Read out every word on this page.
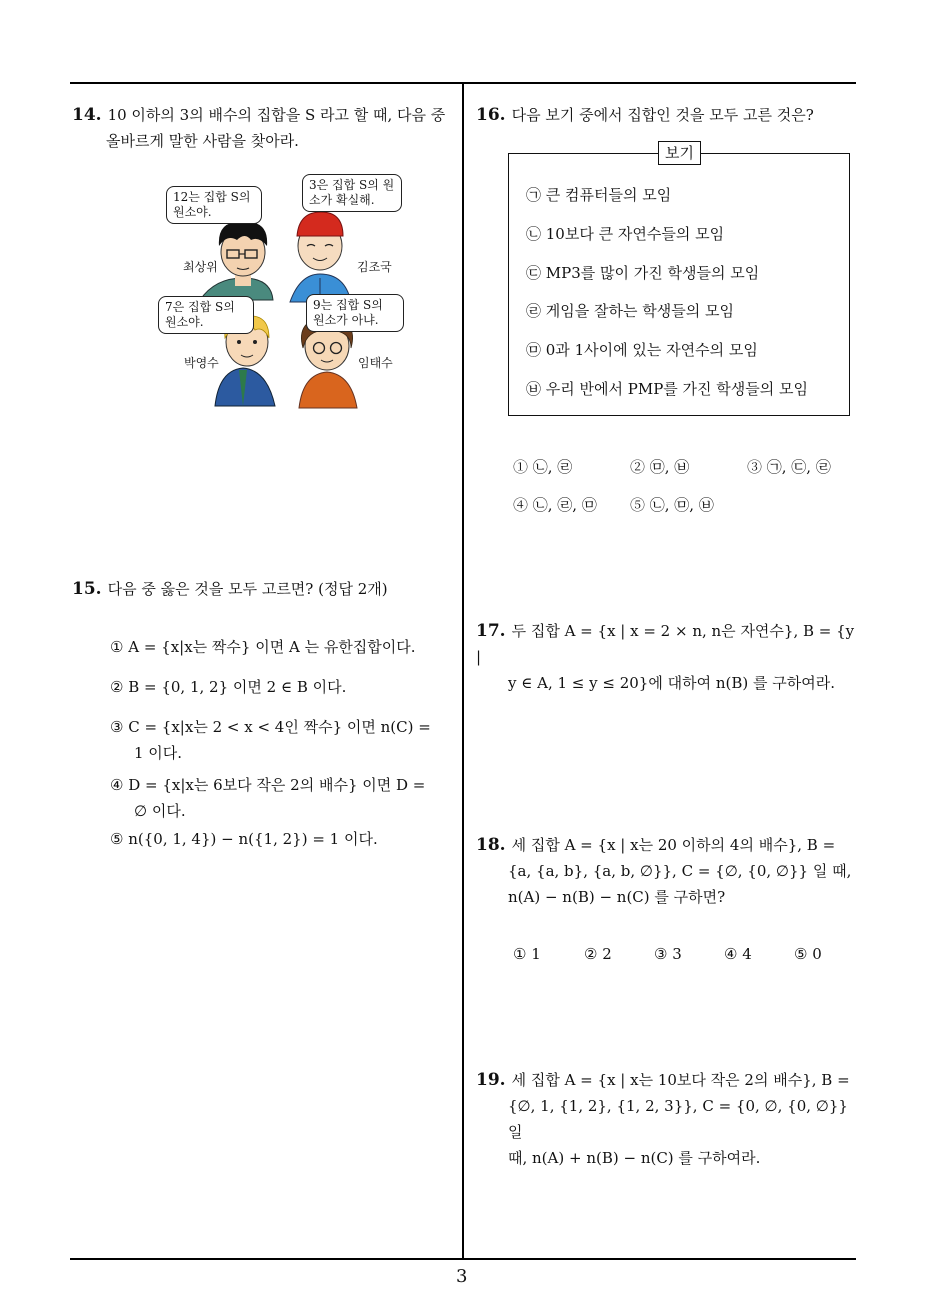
14. 10 이하의 3의 배수의 집합을 S 라고 할 때, 다음 중 올바르게 말한 사람을 찾아라.
12는 집합 S의 원소야.
3은 집합 S의 원소가 확실해.
7은 집합 S의 원소야.
9는 집합 S의 원소가 아냐.
최상위	김조국
박영수	임태수
15. 다음 중 옳은 것을 모두 고르면? (정답 2개)
① A = {x|x는 짝수} 이면 A 는 유한집합이다.
② B = {0, 1, 2} 이면 2 ∈ B 이다.
③ C = {x|x는 2 < x < 4인 짝수} 이면 n(C) = 1 이다.
④ D = {x|x는 6보다 작은 2의 배수} 이면 D = ∅ 이다.
⑤ n({0, 1, 4}) − n({1, 2}) = 1 이다.
16. 다음 보기 중에서 집합인 것을 모두 고른 것은?
보기
㉠ 큰 컴퓨터들의 모임
㉡ 10보다 큰 자연수들의 모임
㉢ MP3를 많이 가진 학생들의 모임
㉣ 게임을 잘하는 학생들의 모임
㉤ 0과 1사이에 있는 자연수의 모임
㉥ 우리 반에서 PMP를 가진 학생들의 모임
① ㉡, ㉣	② ㉤, ㉥	③ ㉠, ㉢, ㉣
④ ㉡, ㉣, ㉤ ⑤ ㉡, ㉤, ㉥
17. 두 집합 A = {x | x = 2 × n, n은 자연수}, B = {y |
y ∈ A, 1 ≤ y ≤ 20}에 대하여 n(B) 를 구하여라.
18. 세 집합 A = {x | x는 20 이하의 4의 배수}, B =
{a, {a, b}, {a, b, ∅}}, C = {∅, {0, ∅}} 일 때,
n(A) − n(B) − n(C) 를 구하면?
① 1	② 2	③ 3	④ 4	⑤ 0
19. 세 집합 A = {x | x는 10보다 작은 2의 배수}, B =
{∅, 1, {1, 2}, {1, 2, 3}}, C = {0, ∅, {0, ∅}} 일
때, n(A) + n(B) − n(C) 를 구하여라.
3
